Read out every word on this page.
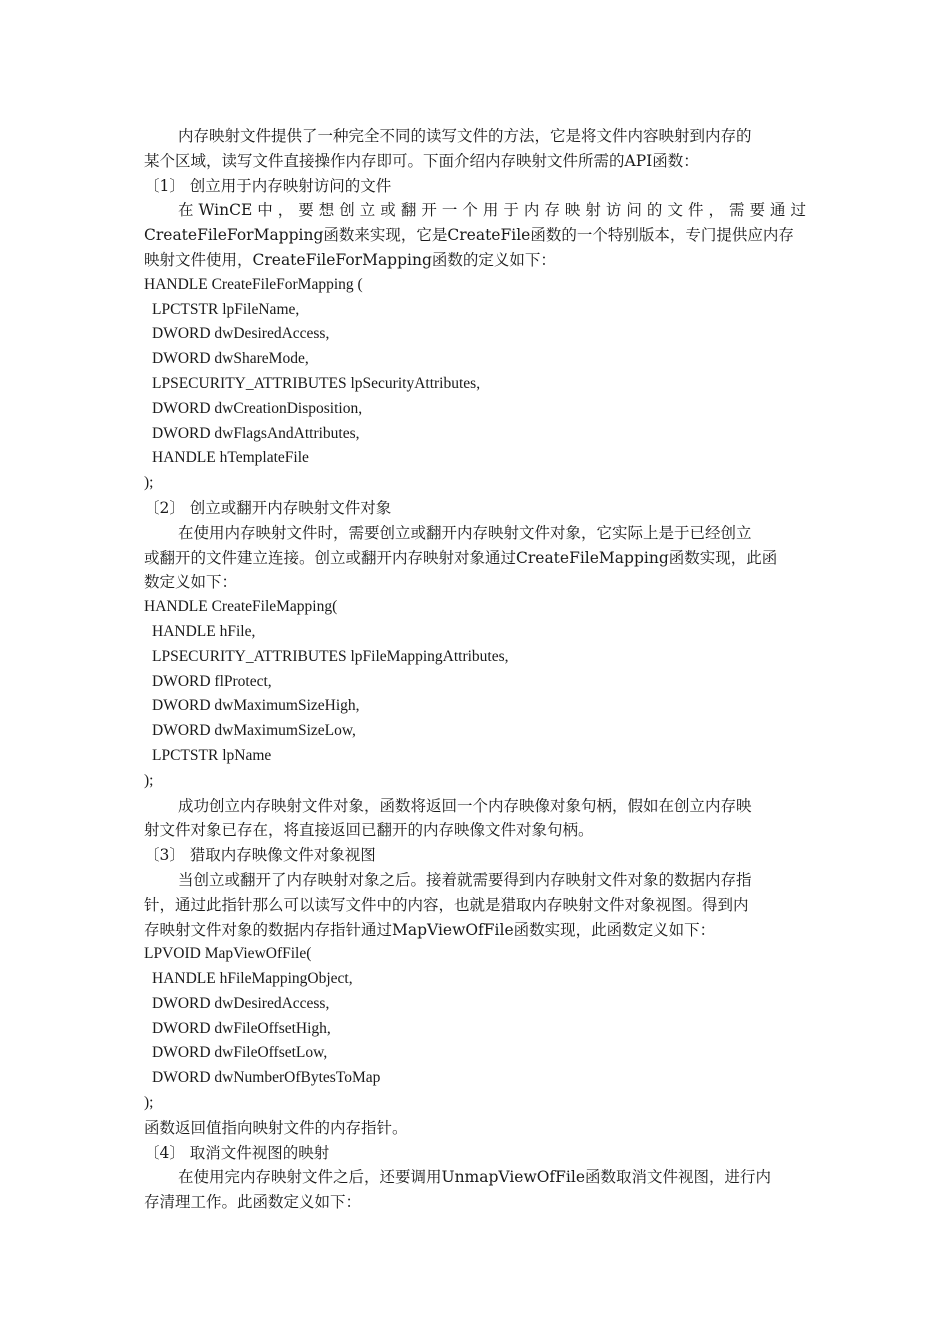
内存映射文件提供了一种完全不同的读写文件的方法，它是将文件内容映射到内存的
某个区域，读写文件直接操作内存即可。下面介绍内存映射文件所需的API函数：
〔1〕 创立用于内存映射访问的文件
在 WinCE 中 ， 要 想 创 立 或 翻 开 一 个 用 于 内 存 映 射 访 问 的 文 件 ， 需 要 通 过
CreateFileForMapping函数来实现，它是CreateFile函数的一个特别版本，专门提供应内存
映射文件使用，CreateFileForMapping函数的定义如下：
HANDLE CreateFileForMapping (
LPCTSTR lpFileName,
DWORD dwDesiredAccess,
DWORD dwShareMode,
LPSECURITY_ATTRIBUTES lpSecurityAttributes,
DWORD dwCreationDisposition,
DWORD dwFlagsAndAttributes,
HANDLE hTemplateFile
);
〔2〕 创立或翻开内存映射文件对象
在使用内存映射文件时，需要创立或翻开内存映射文件对象，它实际上是于已经创立
或翻开的文件建立连接。创立或翻开内存映射对象通过CreateFileMapping函数实现，此函
数定义如下：
HANDLE CreateFileMapping(
HANDLE hFile,
LPSECURITY_ATTRIBUTES lpFileMappingAttributes,
DWORD flProtect,
DWORD dwMaximumSizeHigh,
DWORD dwMaximumSizeLow,
LPCTSTR lpName
);
成功创立内存映射文件对象，函数将返回一个内存映像对象句柄，假如在创立内存映
射文件对象已存在，将直接返回已翻开的内存映像文件对象句柄。
〔3〕 猎取内存映像文件对象视图
当创立或翻开了内存映射对象之后。接着就需要得到内存映射文件对象的数据内存指
针，通过此指针那么可以读写文件中的内容，也就是猎取内存映射文件对象视图。得到内
存映射文件对象的数据内存指针通过MapViewOfFile函数实现，此函数定义如下：
LPVOID MapViewOfFile(
HANDLE hFileMappingObject,
DWORD dwDesiredAccess,
DWORD dwFileOffsetHigh,
DWORD dwFileOffsetLow,
DWORD dwNumberOfBytesToMap
);
函数返回值指向映射文件的内存指针。
〔4〕 取消文件视图的映射
在使用完内存映射文件之后，还要调用UnmapViewOfFile函数取消文件视图，进行内
存清理工作。此函数定义如下：
